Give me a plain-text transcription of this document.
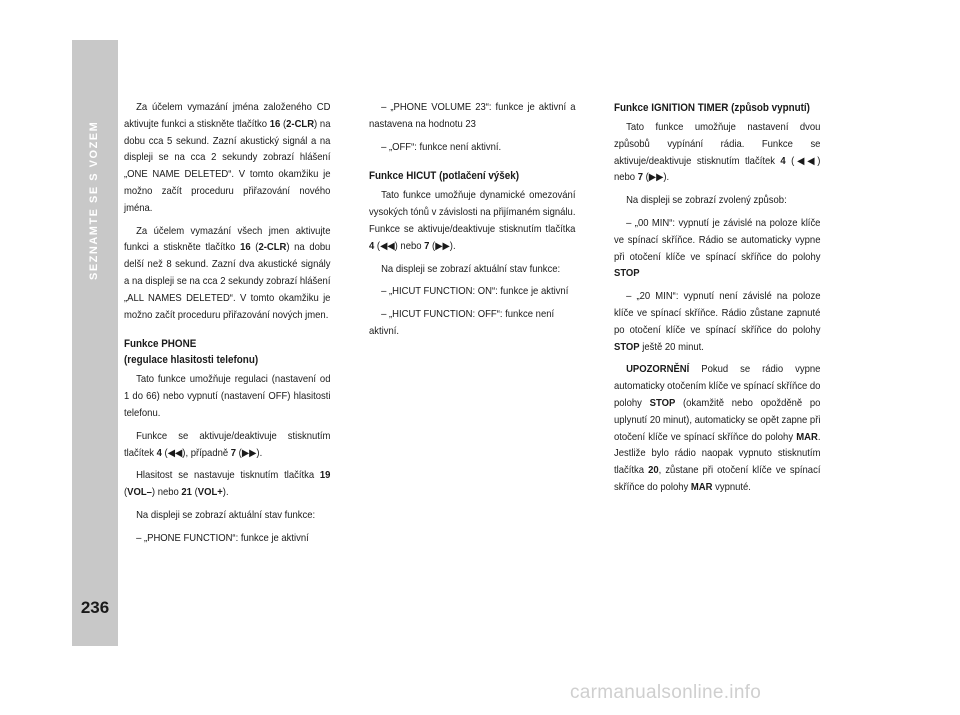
SEZNAMTE SE S VOZEM
236

Za účelem vymazání jména založeného CD aktivujte funkci a stiskněte tlačítko 16 (2-CLR) na dobu cca 5 sekund. Zazní akustický signál a na displeji se na cca 2 sekundy zobrazí hlášení „ONE NAME DELETED“. V tomto okamžiku je možno začít proceduru přiřazování nového jména.

Za účelem vymazání všech jmen aktivujte funkci a stiskněte tlačítko 16 (2-CLR) na dobu delší než 8 sekund. Zazní dva akustické signály a na displeji se na cca 2 sekundy zobrazí hlášení „ALL NAMES DELETED“. V tomto okamžiku je možno začít proceduru přiřazování nových jmen.

Funkce PHONE
(regulace hlasitosti telefonu)

Tato funkce umožňuje regulaci (nastavení od 1 do 66) nebo vypnutí (nastavení OFF) hlasitosti telefonu.

Funkce se aktivuje/deaktivuje stisknutím tlačítek 4 (◀◀), případně 7 (▶▶).

Hlasitost se nastavuje tisknutím tlačítka 19 (VOL–) nebo 21 (VOL+).

Na displeji se zobrazí aktuální stav funkce:

– „PHONE FUNCTION“: funkce je aktivní

– „PHONE VOLUME 23“: funkce je aktivní a nastavena na hodnotu 23

– „OFF“: funkce není aktivní.

Funkce HICUT (potlačení výšek)

Tato funkce umožňuje dynamické omezování vysokých tónů v závislosti na přijímaném signálu. Funkce se aktivuje/deaktivuje stisknutím tlačítka 4 (◀◀) nebo 7 (▶▶).

Na displeji se zobrazí aktuální stav funkce:

– „HICUT FUNCTION: ON“: funkce je aktivní

– „HICUT FUNCTION: OFF“: funkce není aktivní.

Funkce IGNITION TIMER (způsob vypnutí)

Tato funkce umožňuje nastavení dvou způsobů vypínání rádia. Funkce se aktivuje/deaktivuje stisknutím tlačítek 4 (◀◀) nebo 7 (▶▶).

Na displeji se zobrazí zvolený způsob:

– „00 MIN“: vypnutí je závislé na poloze klíče ve spínací skříňce. Rádio se automaticky vypne při otočení klíče ve spínací skříňce do polohy STOP

– „20 MIN“: vypnutí není závislé na poloze klíče ve spínací skříňce. Rádio zůstane zapnuté po otočení klíče ve spínací skříňce do polohy STOP ještě 20 minut.

UPOZORNĚNÍ Pokud se rádio vypne automaticky otočením klíče ve spínací skříňce do polohy STOP (okamžitě nebo opožděně po uplynutí 20 minut), automaticky se opět zapne při otočení klíče ve spínací skříňce do polohy MAR. Jestliže bylo rádio naopak vypnuto stisknutím tlačítka 20, zůstane při otočení klíče ve spínací skříňce do polohy MAR vypnuté.

carmanualsonline.info
